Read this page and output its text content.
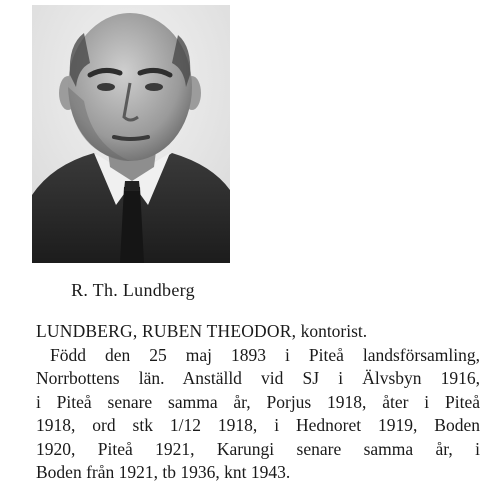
R. Th. Lundberg

LUNDBERG, RUBEN THEODOR, kontorist.
Född den 25 maj 1893 i Piteå landsförsamling,
Norrbottens län. Anställd vid SJ i Älvsbyn 1916,
i Piteå senare samma år, Porjus 1918, åter i Piteå
1918, ord stk 1/12 1918, i Hednoret 1919, Boden
1920, Piteå 1921, Karungi senare samma år, i
Boden från 1921, tb 1936, knt 1943.
